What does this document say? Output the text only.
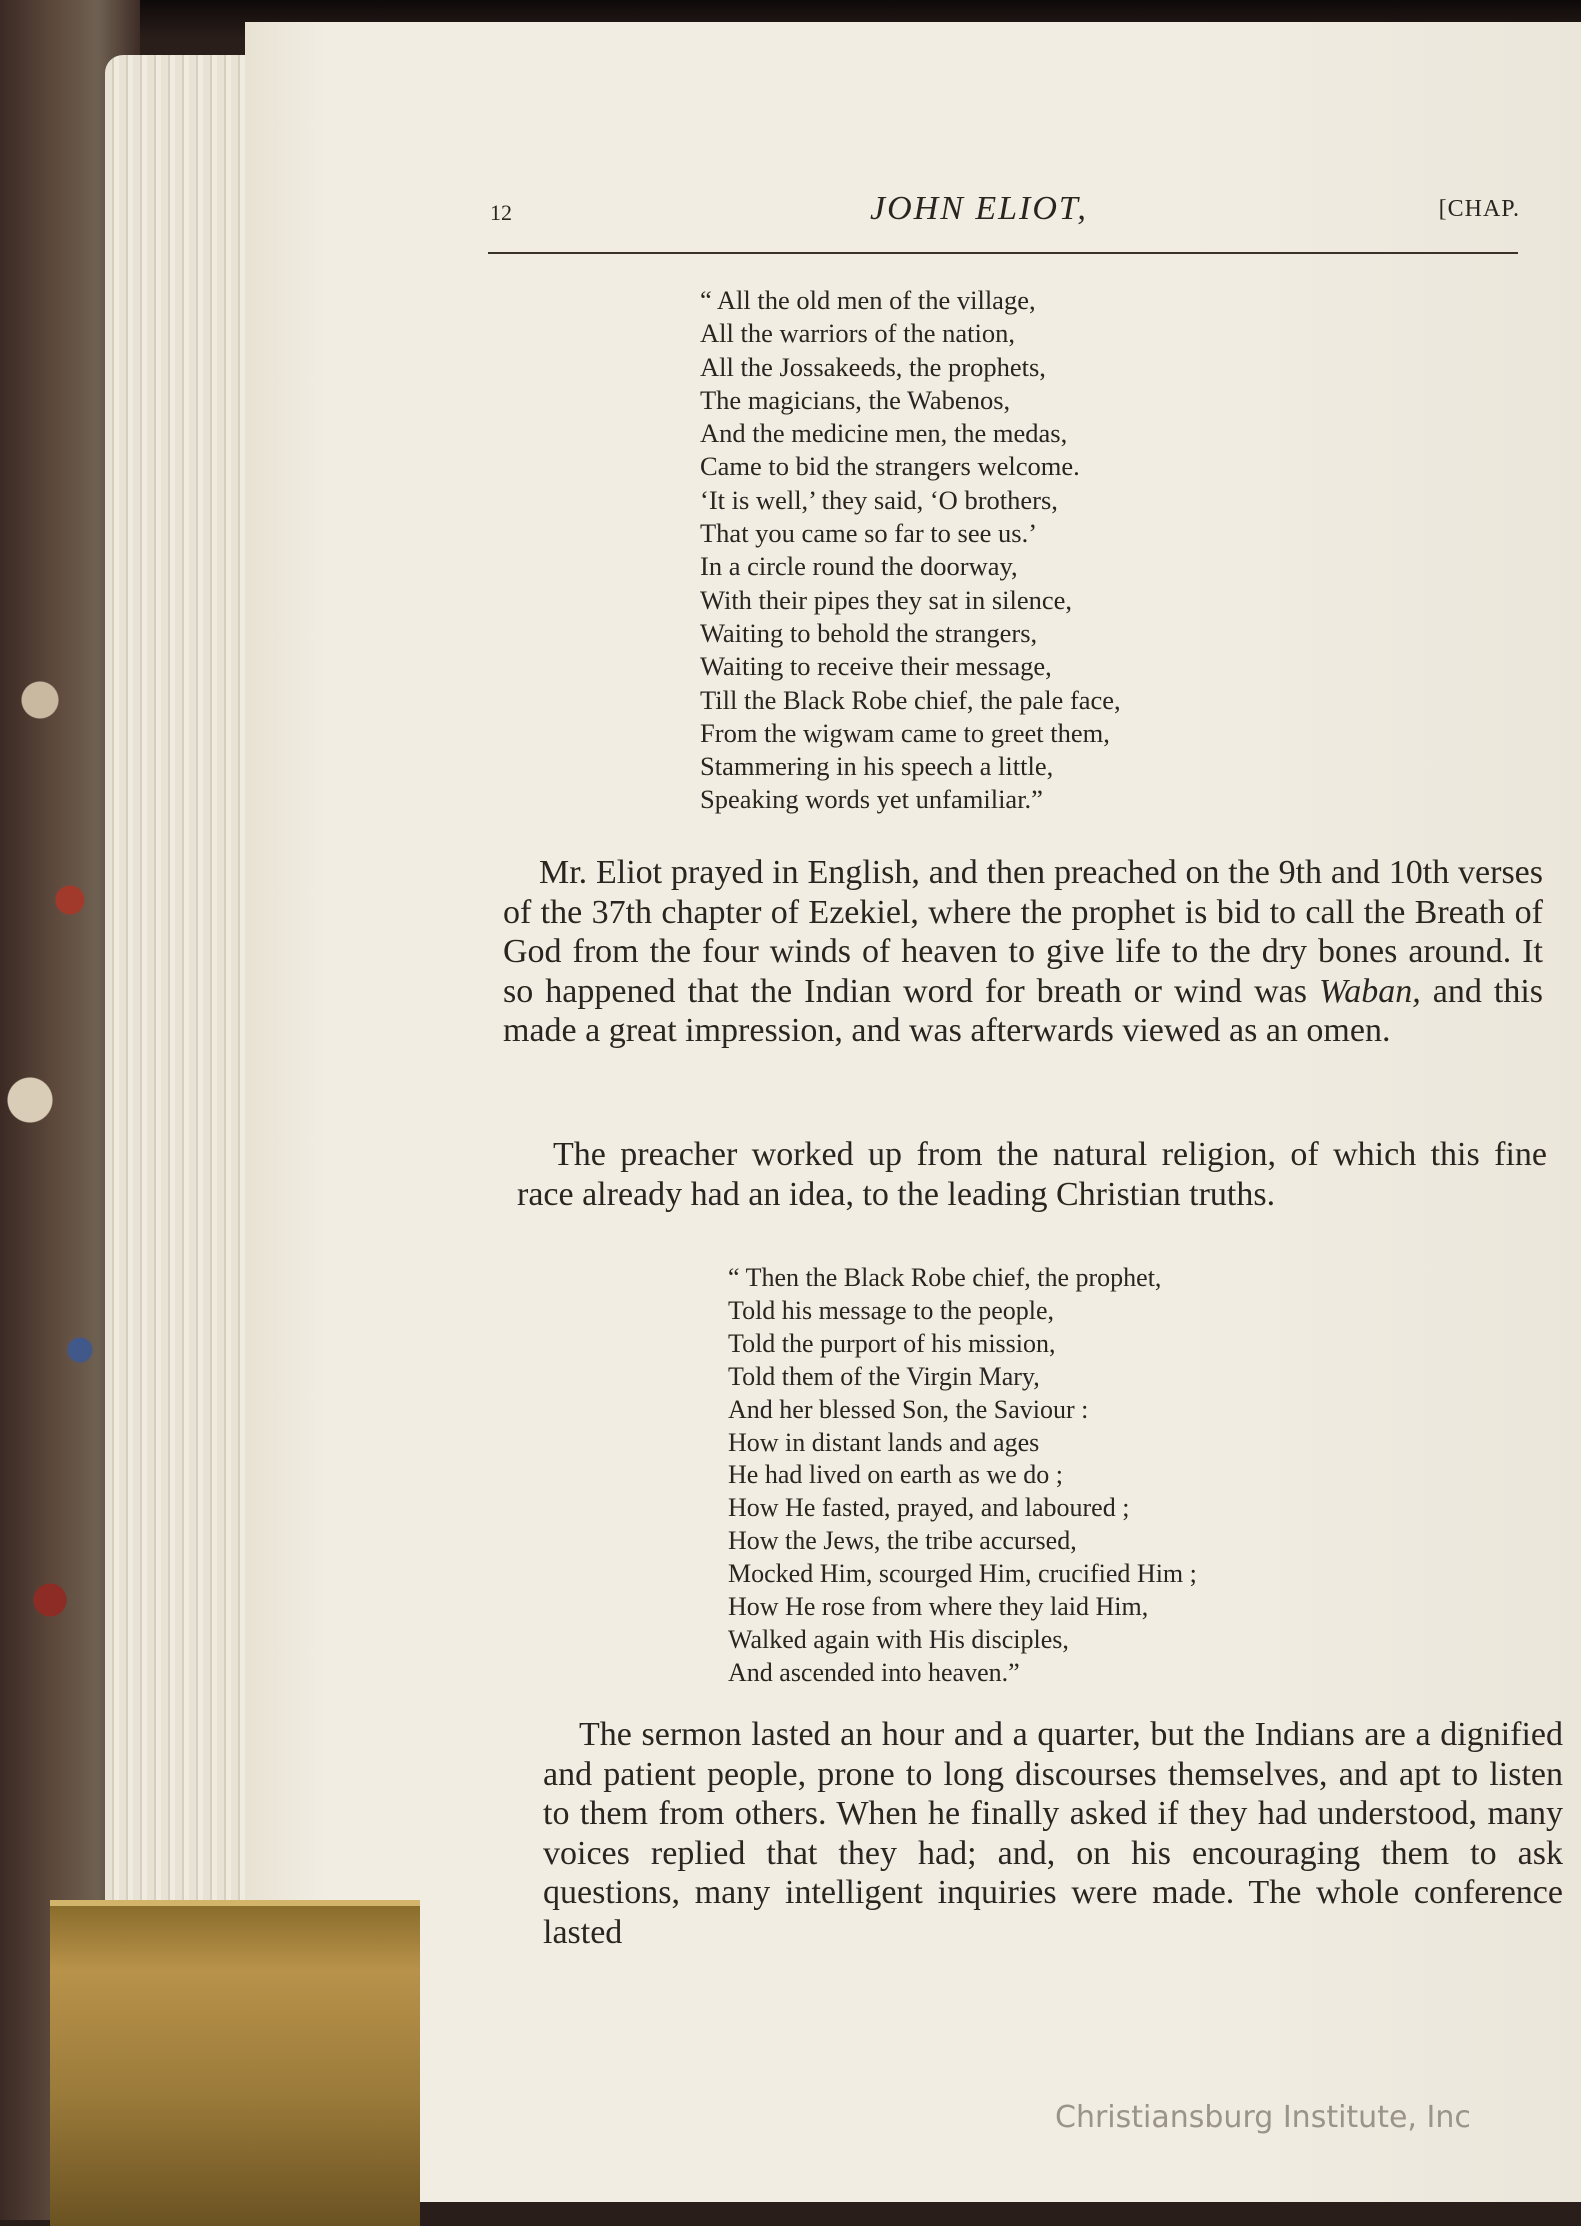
12	JOHN ELIOT,	[CHAP.
“ All the old men of the village,
All the warriors of the nation,
All the Jossakeeds, the prophets,
The magicians, the Wabenos,
And the medicine men, the medas,
Came to bid the strangers welcome.
‘It is well,’ they said, ‘O brothers,
That you came so far to see us.’
In a circle round the doorway,
With their pipes they sat in silence,
Waiting to behold the strangers,
Waiting to receive their message,
Till the Black Robe chief, the pale face,
From the wigwam came to greet them,
Stammering in his speech a little,
Speaking words yet unfamiliar.”

Mr. Eliot prayed in English, and then preached on the 9th and 10th verses of the 37th chapter of Ezekiel, where the prophet is bid to call the Breath of God from the four winds of heaven to give life to the dry bones around. It so happened that the Indian word for breath or wind was Waban, and this made a great impression, and was afterwards viewed as an omen.

The preacher worked up from the natural religion, of which this fine race already had an idea, to the leading Christian truths.

“ Then the Black Robe chief, the prophet,
Told his message to the people,
Told the purport of his mission,
Told them of the Virgin Mary,
And her blessed Son, the Saviour :
How in distant lands and ages
He had lived on earth as we do ;
How He fasted, prayed, and laboured ;
How the Jews, the tribe accursed,
Mocked Him, scourged Him, crucified Him ;
How He rose from where they laid Him,
Walked again with His disciples,
And ascended into heaven.”

The sermon lasted an hour and a quarter, but the Indians are a dignified and patient people, prone to long discourses themselves, and apt to listen to them from others. When he finally asked if they had understood, many voices replied that they had; and, on his encouraging them to ask questions, many intelligent inquiries were made. The whole conference lasted

Christiansburg Institute, Inc
